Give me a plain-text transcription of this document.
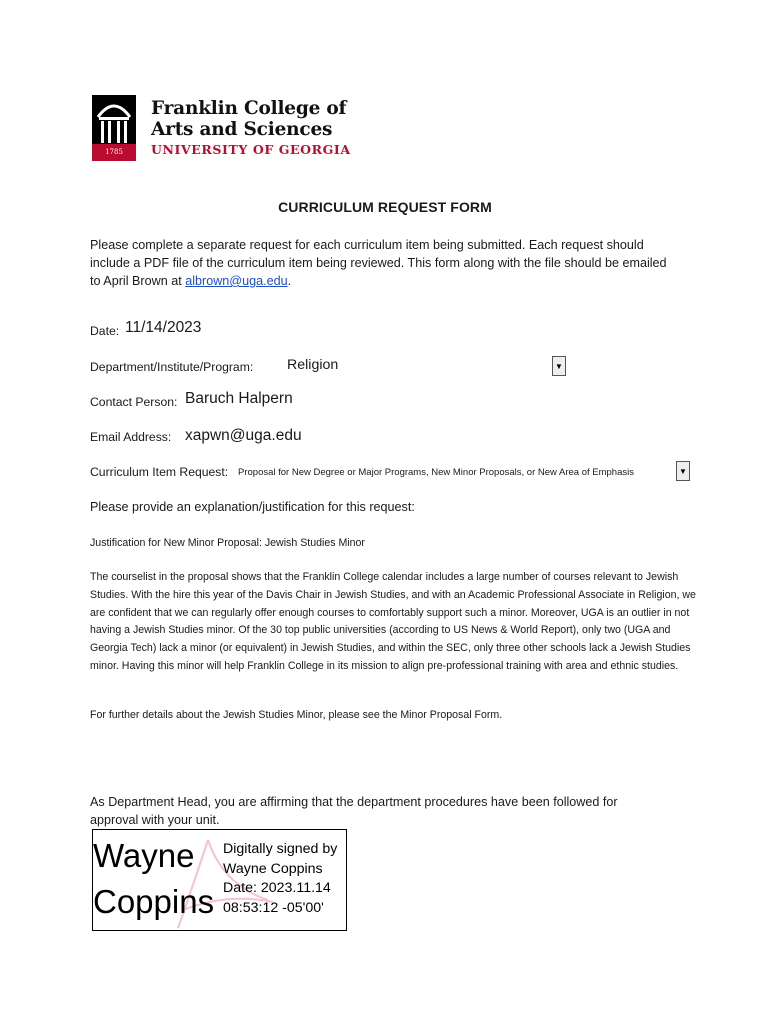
1785
Franklin College of
Arts and Sciences
UNIVERSITY OF GEORGIA
CURRICULUM REQUEST FORM
Please complete a separate request for each curriculum item being submitted. Each request should include a PDF file of the curriculum item being reviewed. This form along with the file should be emailed to April Brown at albrown@uga.edu.
Date: 11/14/2023
Department/Institute/Program: Religion	▼
Contact Person: Baruch Halpern
Email Address: xapwn@uga.edu
Curriculum Item Request: Proposal for New Degree or Major Programs, New Minor Proposals, or New Area of Emphasis	▼
Please provide an explanation/justification for this request:
Justification for New Minor Proposal: Jewish Studies Minor
The courselist in the proposal shows that the Franklin College calendar includes a large number of courses relevant to Jewish Studies. With the hire this year of the Davis Chair in Jewish Studies, and with an Academic Professional Associate in Religion, we are confident that we can regularly offer enough courses to comfortably support such a minor. Moreover, UGA is an outlier in not having a Jewish Studies minor. Of the 30 top public universities (according to US News & World Report), only two (UGA and Georgia Tech) lack a minor (or equivalent) in Jewish Studies, and within the SEC, only three other schools lack a Jewish Studies minor. Having this minor will help Franklin College in its mission to align pre-professional training with area and ethnic studies.
For further details about the Jewish Studies Minor, please see the Minor Proposal Form.
As Department Head, you are affirming that the department procedures have been followed for approval with your unit.
Wayne
Coppins
Digitally signed by
Wayne Coppins
Date: 2023.11.14
08:53:12 -05'00'
